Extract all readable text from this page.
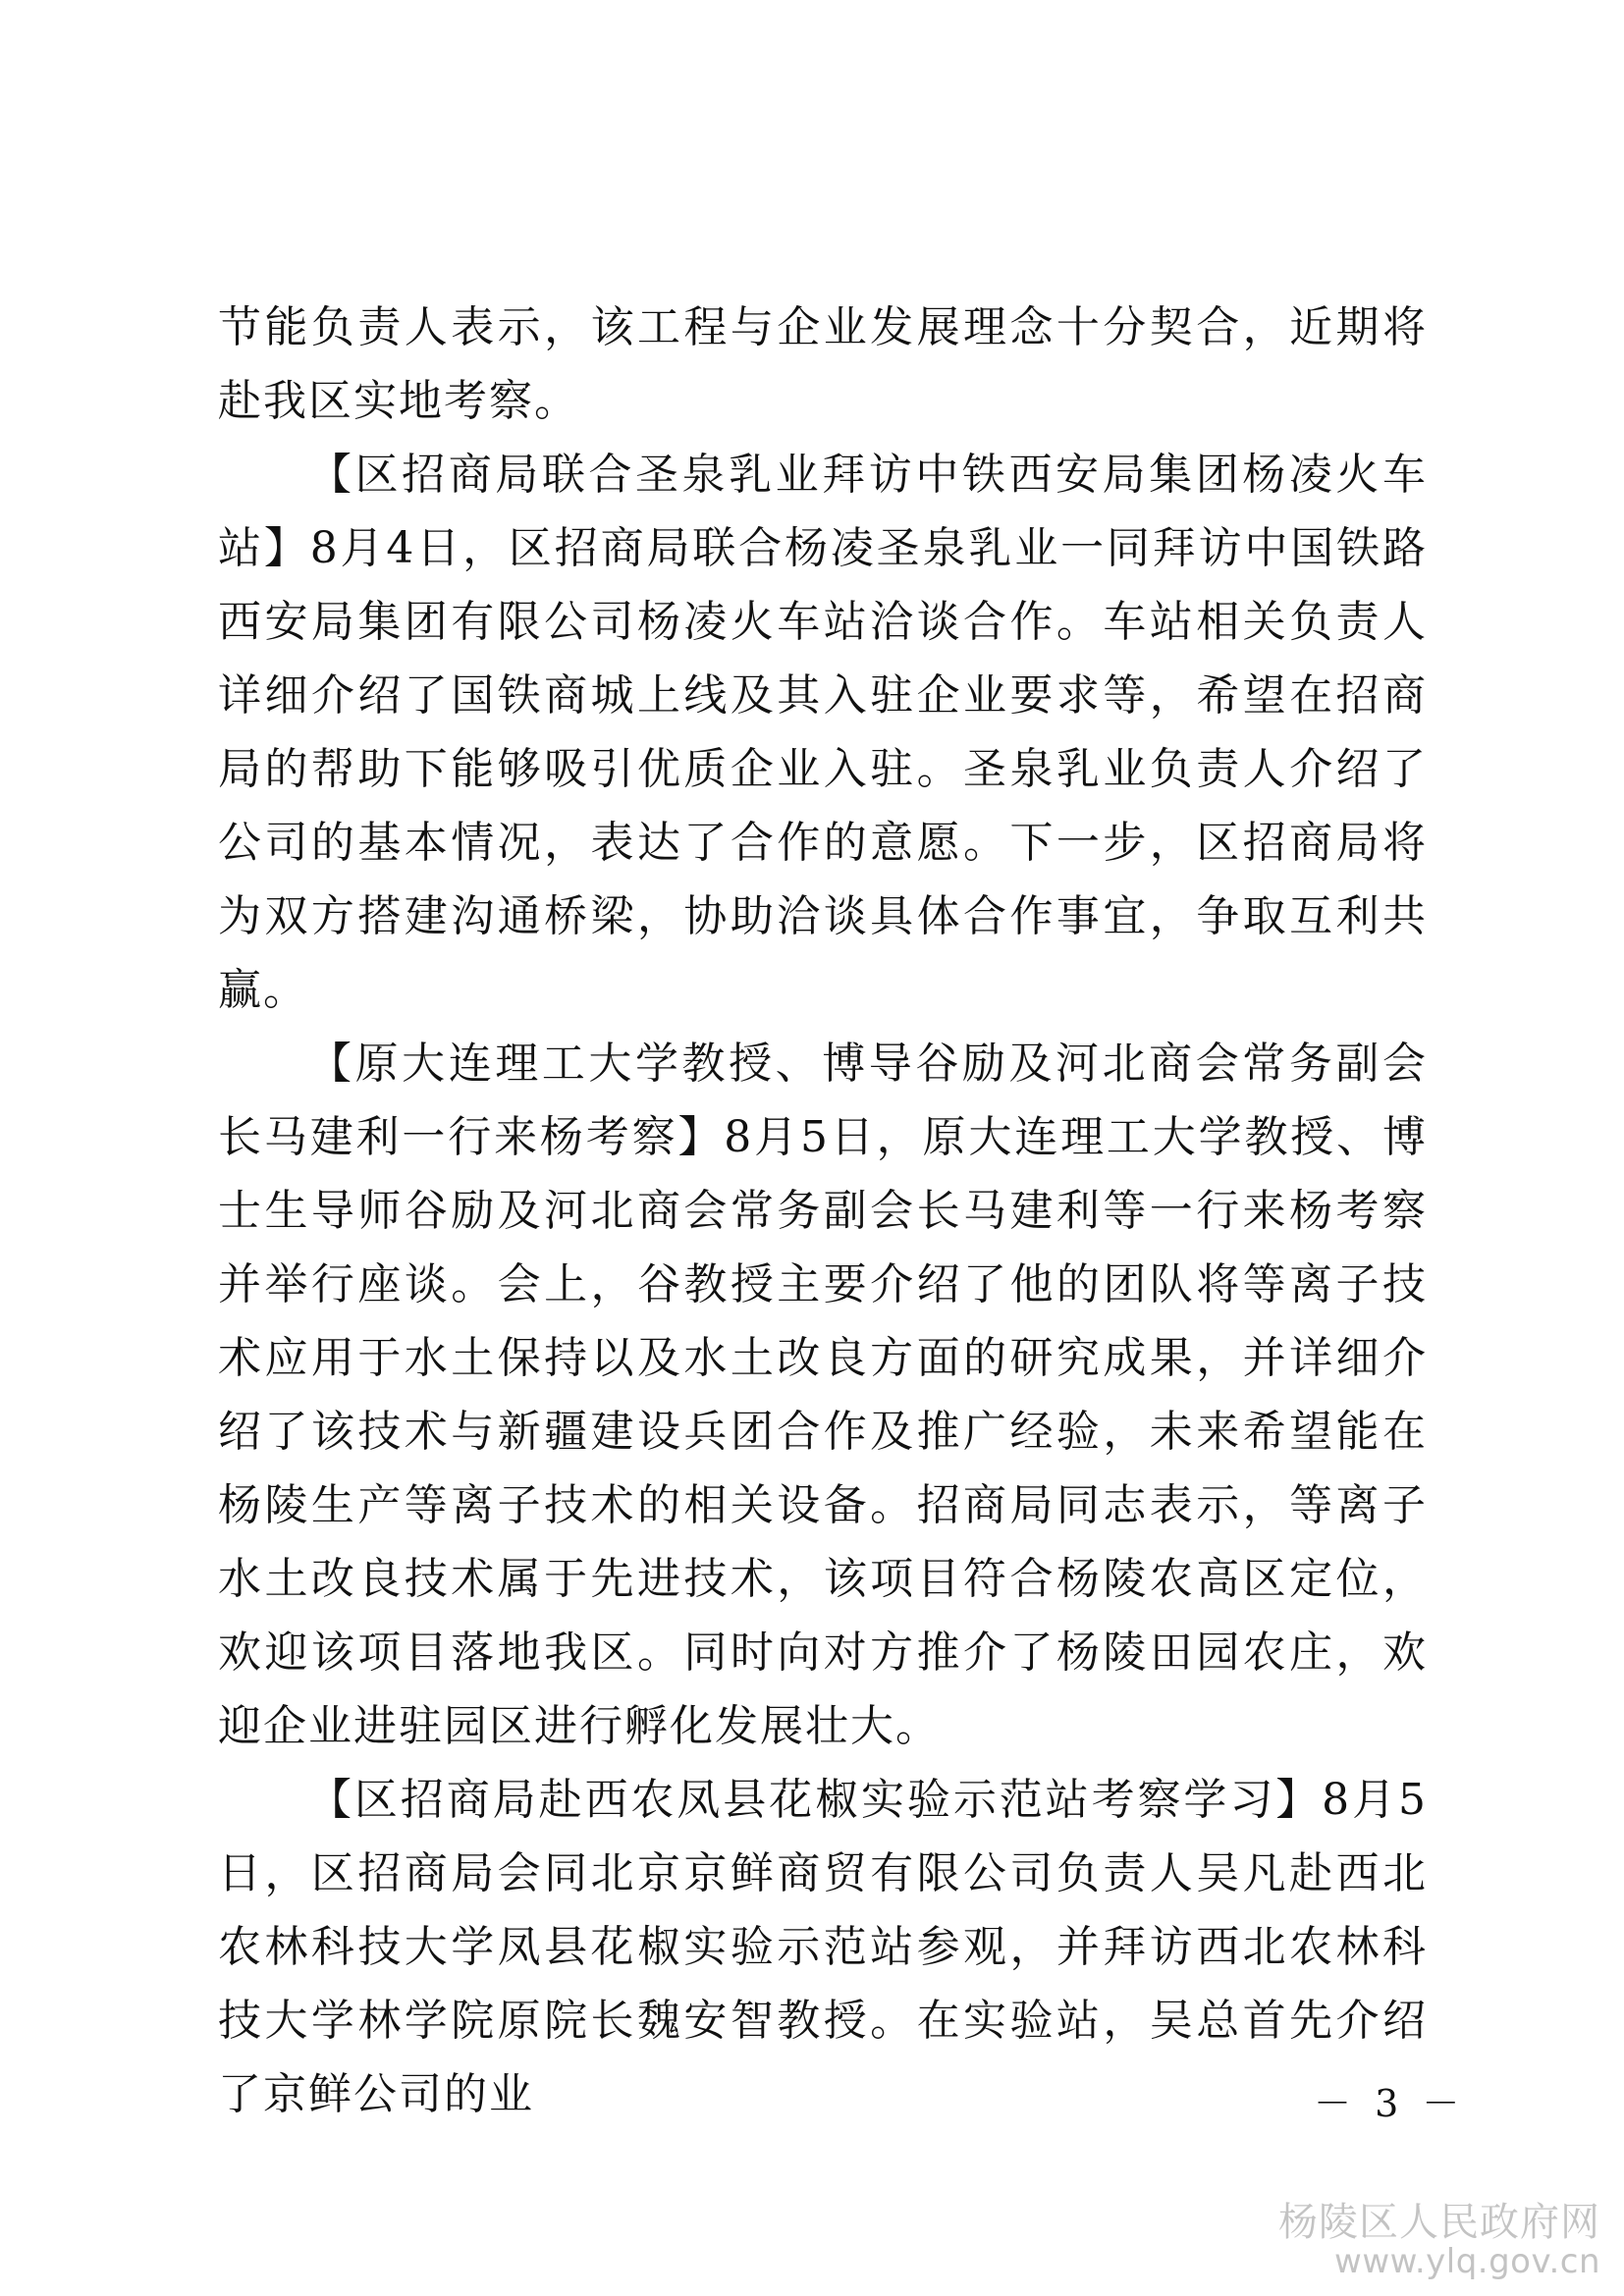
节能负责人表示，该工程与企业发展理念十分契合，近期将赴我区实地考察。

【区招商局联合圣泉乳业拜访中铁西安局集团杨凌火车站】8月4日，区招商局联合杨凌圣泉乳业一同拜访中国铁路西安局集团有限公司杨凌火车站洽谈合作。车站相关负责人详细介绍了国铁商城上线及其入驻企业要求等，希望在招商局的帮助下能够吸引优质企业入驻。圣泉乳业负责人介绍了公司的基本情况，表达了合作的意愿。下一步，区招商局将为双方搭建沟通桥梁，协助洽谈具体合作事宜，争取互利共赢。

【原大连理工大学教授、博导谷励及河北商会常务副会长马建利一行来杨考察】8月5日，原大连理工大学教授、博士生导师谷励及河北商会常务副会长马建利等一行来杨考察并举行座谈。会上，谷教授主要介绍了他的团队将等离子技术应用于水土保持以及水土改良方面的研究成果，并详细介绍了该技术与新疆建设兵团合作及推广经验，未来希望能在杨陵生产等离子技术的相关设备。招商局同志表示，等离子水土改良技术属于先进技术，该项目符合杨陵农高区定位，欢迎该项目落地我区。同时向对方推介了杨陵田园农庄，欢迎企业进驻园区进行孵化发展壮大。

【区招商局赴西农凤县花椒实验示范站考察学习】8月5日，区招商局会同北京京鲜商贸有限公司负责人吴凡赴西北农林科技大学凤县花椒实验示范站参观，并拜访西北农林科技大学林学院原院长魏安智教授。在实验站，吴总首先介绍了京鲜公司的业	－ 3 －
杨陵区人民政府网
www.ylq.gov.cn
